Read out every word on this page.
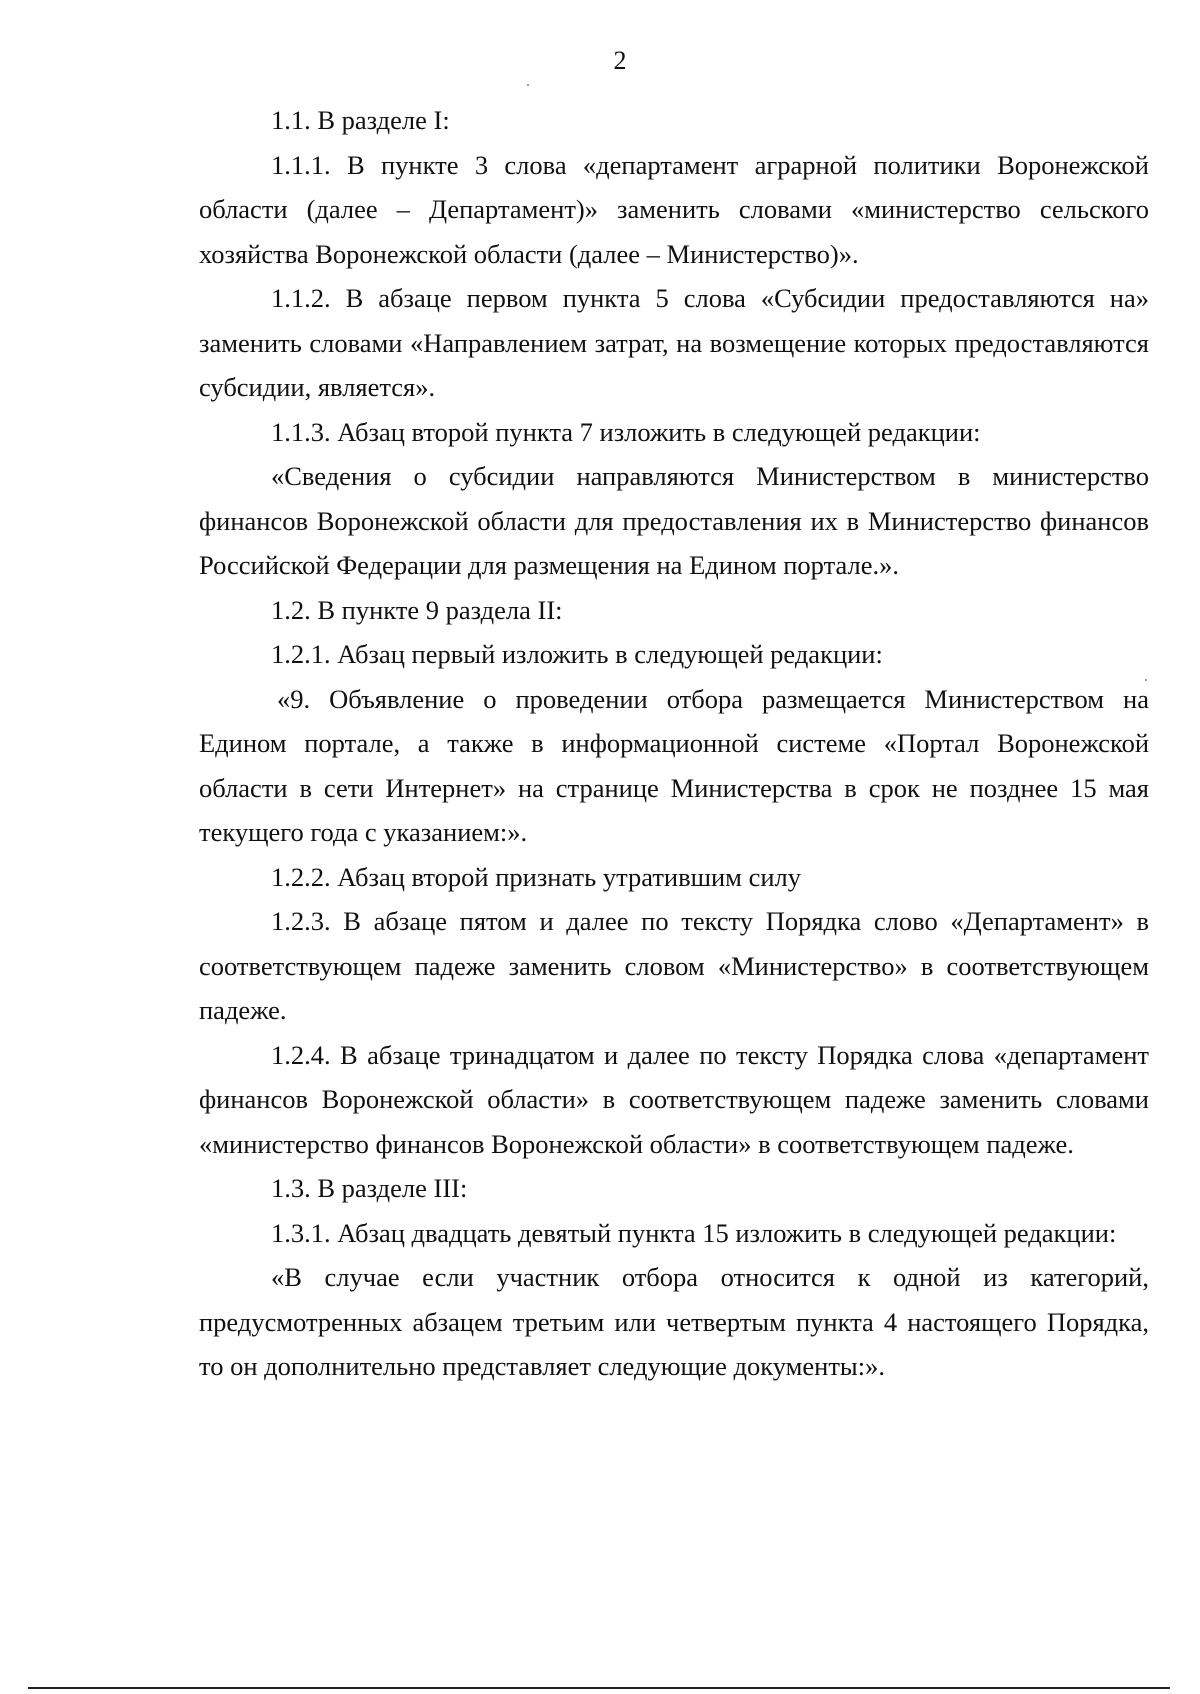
2

1.1. В разделе I:

1.1.1. В пункте 3 слова «департамент аграрной политики Воронежской области (далее – Департамент)» заменить словами «министерство сельского хозяйства Воронежской области (далее – Министерство)».

1.1.2. В абзаце первом пункта 5 слова «Субсидии предоставляются на» заменить словами «Направлением затрат, на возмещение которых предоставляются субсидии, является».

1.1.3. Абзац второй пункта 7 изложить в следующей редакции:

«Сведения о субсидии направляются Министерством в министерство финансов Воронежской области для предоставления их в Министерство финансов Российской Федерации для размещения на Едином портале.».

1.2. В пункте 9 раздела II:

1.2.1. Абзац первый изложить в следующей редакции:

«9. Объявление о проведении отбора размещается Министерством на Едином портале, а также в информационной системе «Портал Воронежской области в сети Интернет» на странице Министерства в срок не позднее 15 мая текущего года с указанием:».

1.2.2. Абзац второй признать утратившим силу

1.2.3. В абзаце пятом и далее по тексту Порядка слово «Департамент» в соответствующем падеже заменить словом «Министерство» в соответствующем падеже.

1.2.4. В абзаце тринадцатом и далее по тексту Порядка слова «департамент финансов Воронежской области» в соответствующем падеже заменить словами «министерство финансов Воронежской области» в соответствующем падеже.

1.3. В разделе III:

1.3.1. Абзац двадцать девятый пункта 15 изложить в следующей редакции:

«В случае если участник отбора относится к одной из категорий, предусмотренных абзацем третьим или четвертым пункта 4 настоящего Порядка, то он дополнительно представляет следующие документы:».
